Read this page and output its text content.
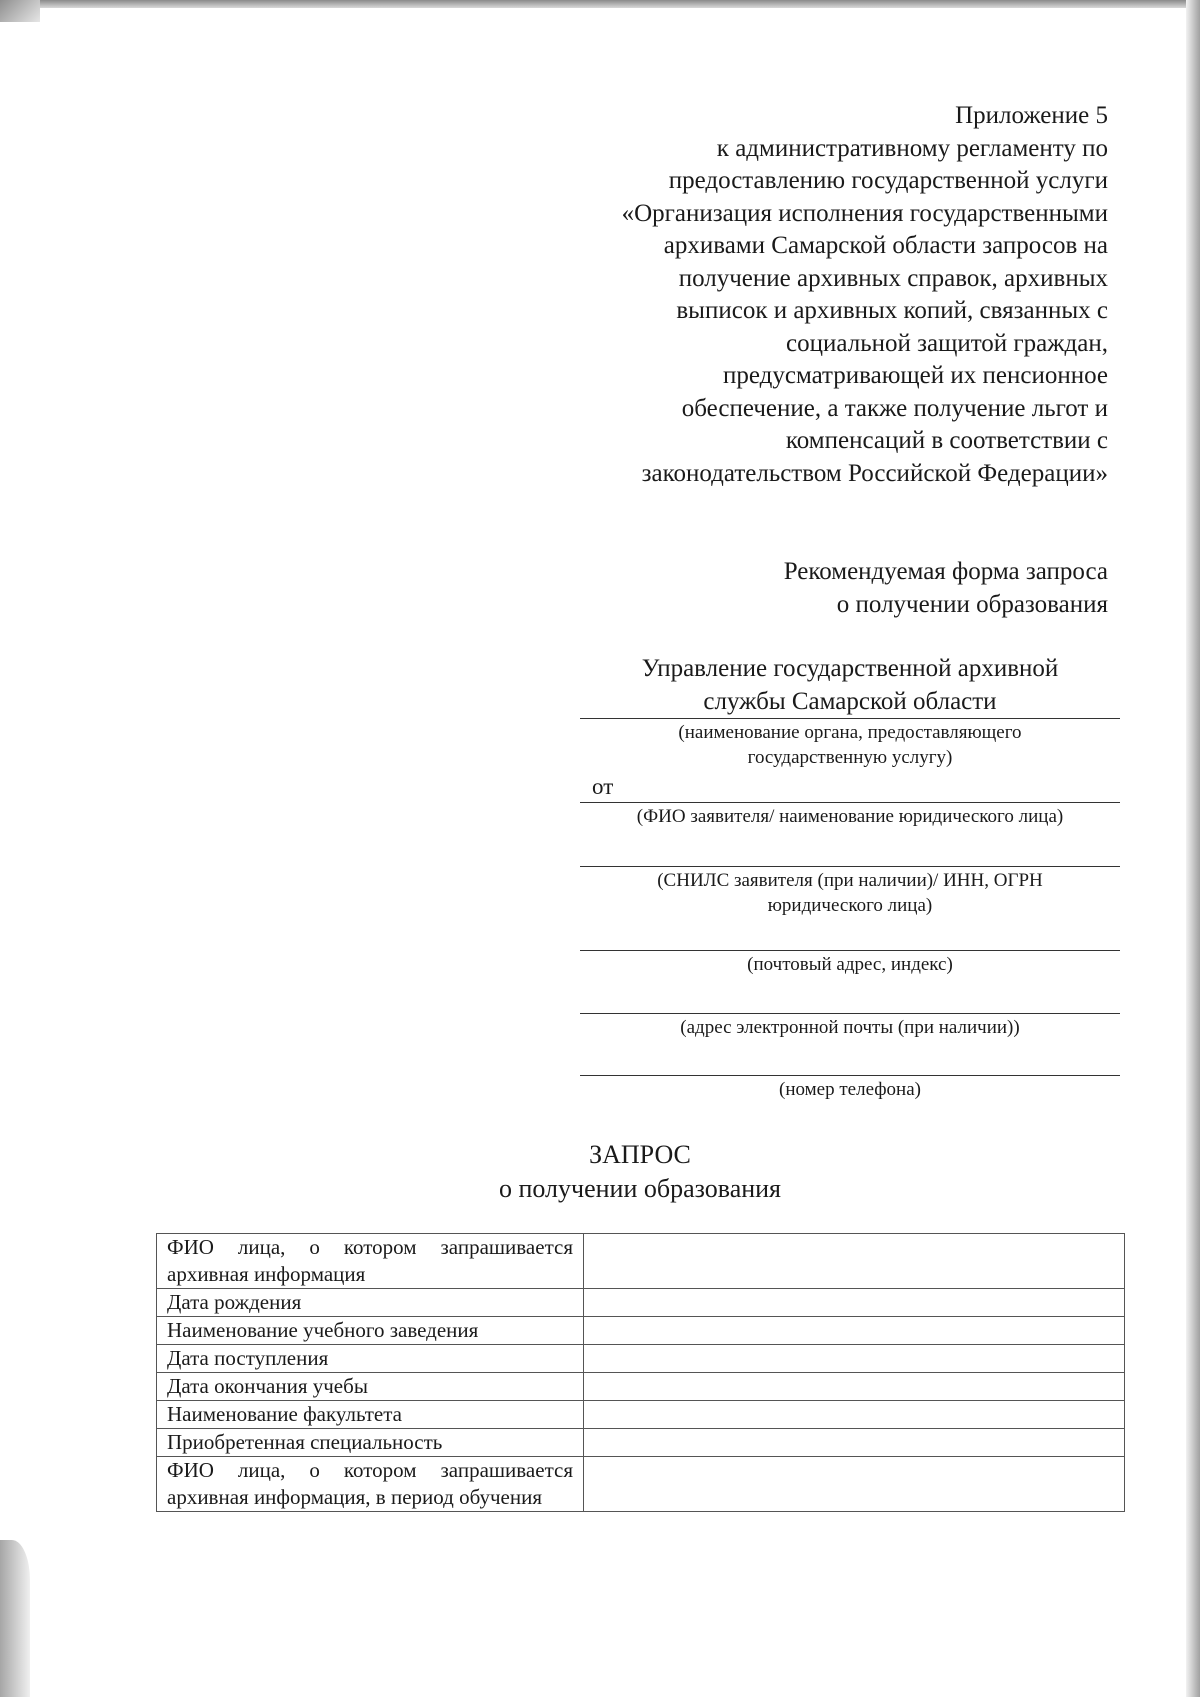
Приложение 5
к административному регламенту по
предоставлению государственной услуги
«Организация исполнения государственными
архивами Самарской области запросов на
получение архивных справок, архивных
выписок и архивных копий, связанных с
социальной защитой граждан,
предусматривающей их пенсионное
обеспечение, а также получение льгот и
компенсаций в соответствии с
законодательством Российской Федерации»
Рекомендуемая форма запроса
о получении образования
Управление государственной архивной
службы Самарской области
(наименование органа, предоставляющего
государственную услугу)
от
(ФИО заявителя/ наименование юридического лица)
(СНИЛС заявителя (при наличии)/ ИНН, ОГРН
юридического лица)
(почтовый адрес, индекс)
(адрес электронной почты (при наличии))
(номер телефона)
ЗАПРОС
о получении образования
ФИО лица, о котором запрашивается архивная информация	
Дата рождения	
Наименование учебного заведения	
Дата поступления	
Дата окончания учебы	
Наименование факультета	
Приобретенная специальность	
ФИО лица, о котором запрашивается архивная информация, в период обучения	
